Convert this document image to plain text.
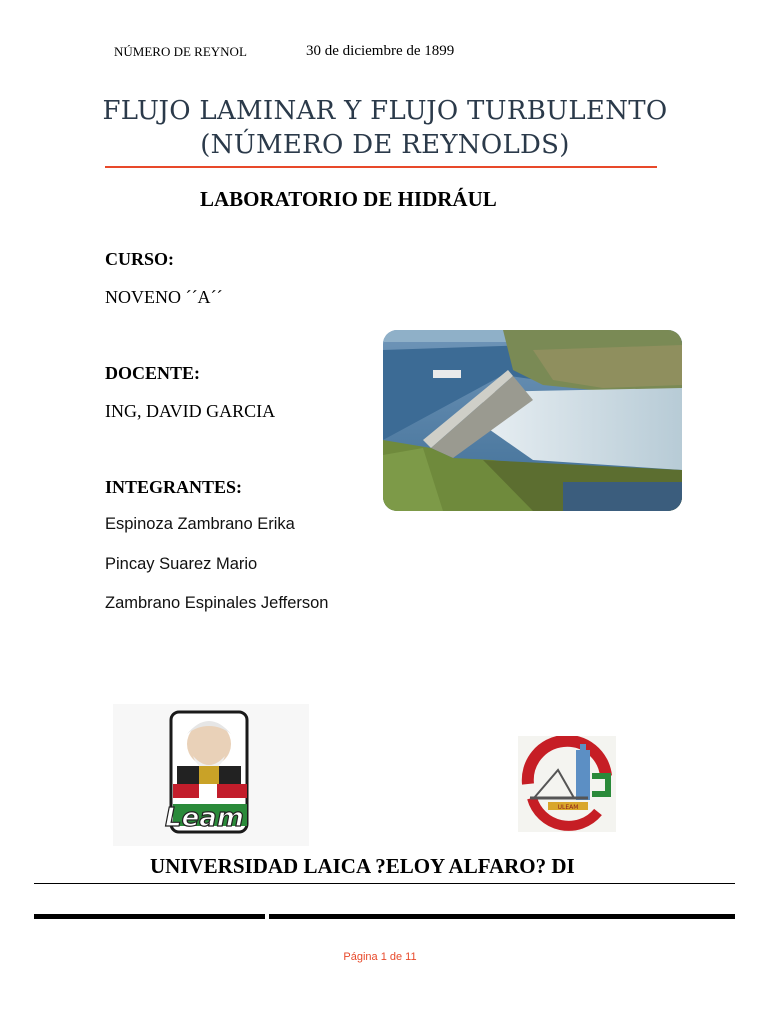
NÚMERO DE REYNOL	30 de diciembre de 1899
FLUJO LAMINAR Y FLUJO TURBULENTO
(NÚMERO DE REYNOLDS)
LABORATORIO DE HIDRÁUL
CURSO:
NOVENO ´´A´´
DOCENTE:
ING, DAVID GARCIA
INTEGRANTES:
Espinoza Zambrano Erika
Pincay Suarez Mario
Zambrano Espinales Jefferson
Leam	ULEAM
UNIVERSIDAD LAICA ?ELOY ALFARO? DI
Página 1 de 11
